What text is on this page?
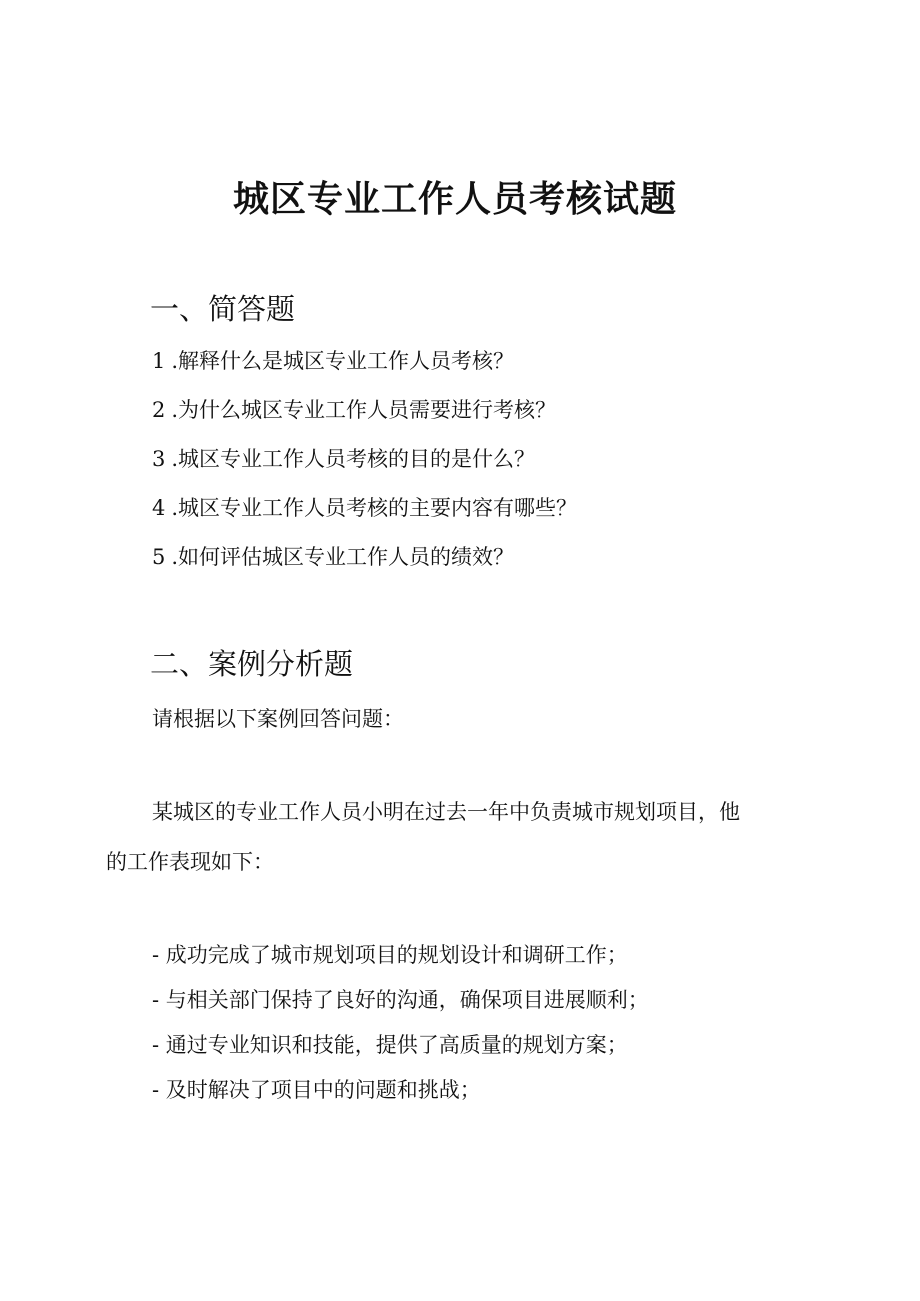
城区专业工作人员考核试题
一、简答题
1 .解释什么是城区专业工作人员考核？
2 .为什么城区专业工作人员需要进行考核？
3 .城区专业工作人员考核的目的是什么？
4 .城区专业工作人员考核的主要内容有哪些？
5 .如何评估城区专业工作人员的绩效？
二、案例分析题

请根据以下案例回答问题：

某城区的专业工作人员小明在过去一年中负责城市规划项目，他

的工作表现如下：

- 成功完成了城市规划项目的规划设计和调研工作；
- 与相关部门保持了良好的沟通，确保项目进展顺利；
- 通过专业知识和技能，提供了高质量的规划方案；
- 及时解决了项目中的问题和挑战；
